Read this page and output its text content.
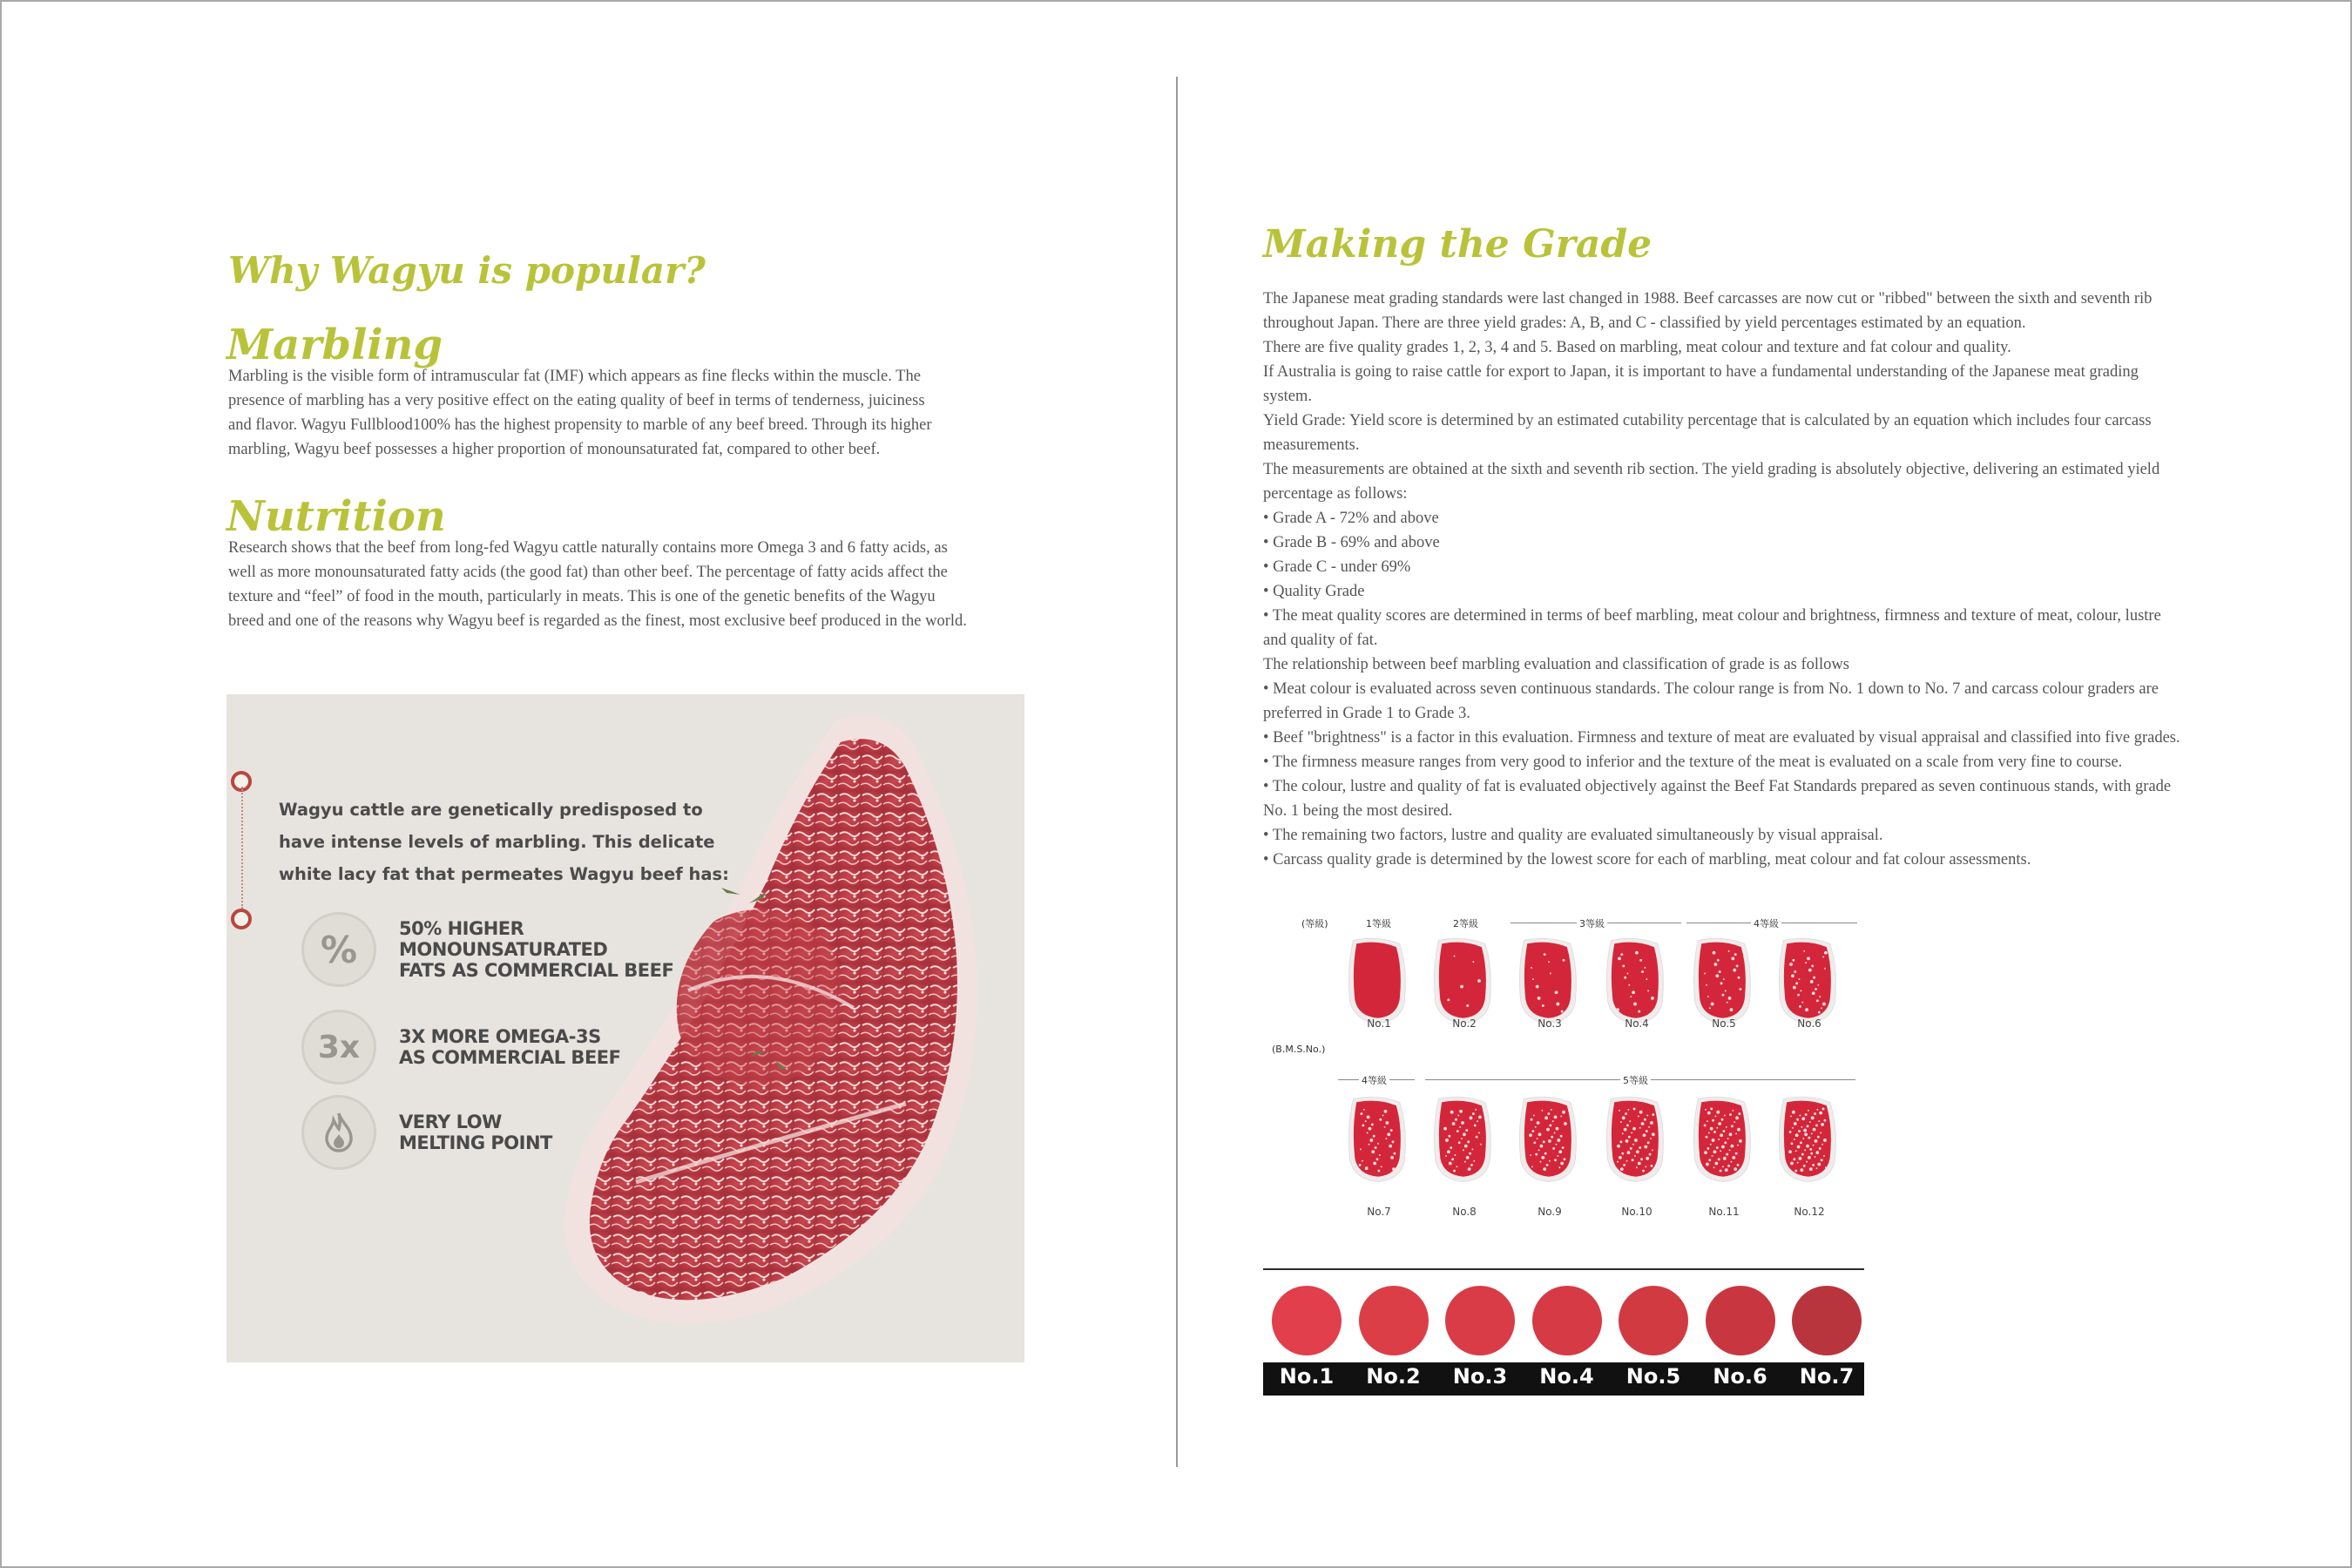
Why Wagyu is popular?
Marbling
Marbling is the visible form of intramuscular fat (IMF) which appears as fine flecks within the muscle. The
presence of marbling has a very positive effect on the eating quality of beef in terms of tenderness, juiciness
and flavor. Wagyu Fullblood100% has the highest propensity to marble of any beef breed. Through its higher
marbling, Wagyu beef possesses a higher proportion of monounsaturated fat, compared to other beef.
Nutrition
Research shows that the beef from long-fed Wagyu cattle naturally contains more Omega 3 and 6 fatty acids, as
well as more monounsaturated fatty acids (the good fat) than other beef. The percentage of fatty acids affect the
texture and “feel” of food in the mouth, particularly in meats. This is one of the genetic benefits of the Wagyu
breed and one of the reasons why Wagyu beef is regarded as the finest, most exclusive beef produced in the world.
Wagyu cattle are genetically predisposed to
have intense levels of marbling. This delicate
white lacy fat that permeates Wagyu beef has:
%	50% HIGHER
MONOUNSATURATED
FATS AS COMMERCIAL BEEF
3x	3X MORE OMEGA-3S
AS COMMERCIAL BEEF
VERY LOW
MELTING POINT
Making the Grade

The Japanese meat grading standards were last changed in 1988. Beef carcasses are now cut or "ribbed" between the sixth and seventh rib

throughout Japan. There are three yield grades: A, B, and C - classified by yield percentages estimated by an equation.

There are five quality grades 1, 2, 3, 4 and 5. Based on marbling, meat colour and texture and fat colour and quality.

If Australia is going to raise cattle for export to Japan, it is important to have a fundamental understanding of the Japanese meat grading

system.

Yield Grade: Yield score is determined by an estimated cutability percentage that is calculated by an equation which includes four carcass

measurements.

The measurements are obtained at the sixth and seventh rib section. The yield grading is absolutely objective, delivering an estimated yield

percentage as follows:

• Grade A - 72% and above

• Grade B - 69% and above

• Grade C - under 69%

• Quality Grade

• The meat quality scores are determined in terms of beef marbling, meat colour and brightness, firmness and texture of meat, colour, lustre

and quality of fat.

The relationship between beef marbling evaluation and classification of grade is as follows

• Meat colour is evaluated across seven continuous standards. The colour range is from No. 1 down to No. 7 and carcass colour graders are

preferred in Grade 1 to Grade 3.

• Beef "brightness" is a factor in this evaluation. Firmness and texture of meat are evaluated by visual appraisal and classified into five grades.

• The firmness measure ranges from very good to inferior and the texture of the meat is evaluated on a scale from very fine to course.

• The colour, lustre and quality of fat is evaluated objectively against the Beef Fat Standards prepared as seven continuous stands, with grade

No. 1 being the most desired.

• The remaining two factors, lustre and quality are evaluated simultaneously by visual appraisal.

• Carcass quality grade is determined by the lowest score for each of marbling, meat colour and fat colour assessments.

(等級)
(B.M.S.No.)
1等級	2等級	3等級	4等級
4等級	5等級
No.1	No.2	No.3	No.4	No.5	No.6
No.7	No.8	No.9	No.10	No.11	No.12
No.1	No.2	No.3	No.4	No.5	No.6	No.7
